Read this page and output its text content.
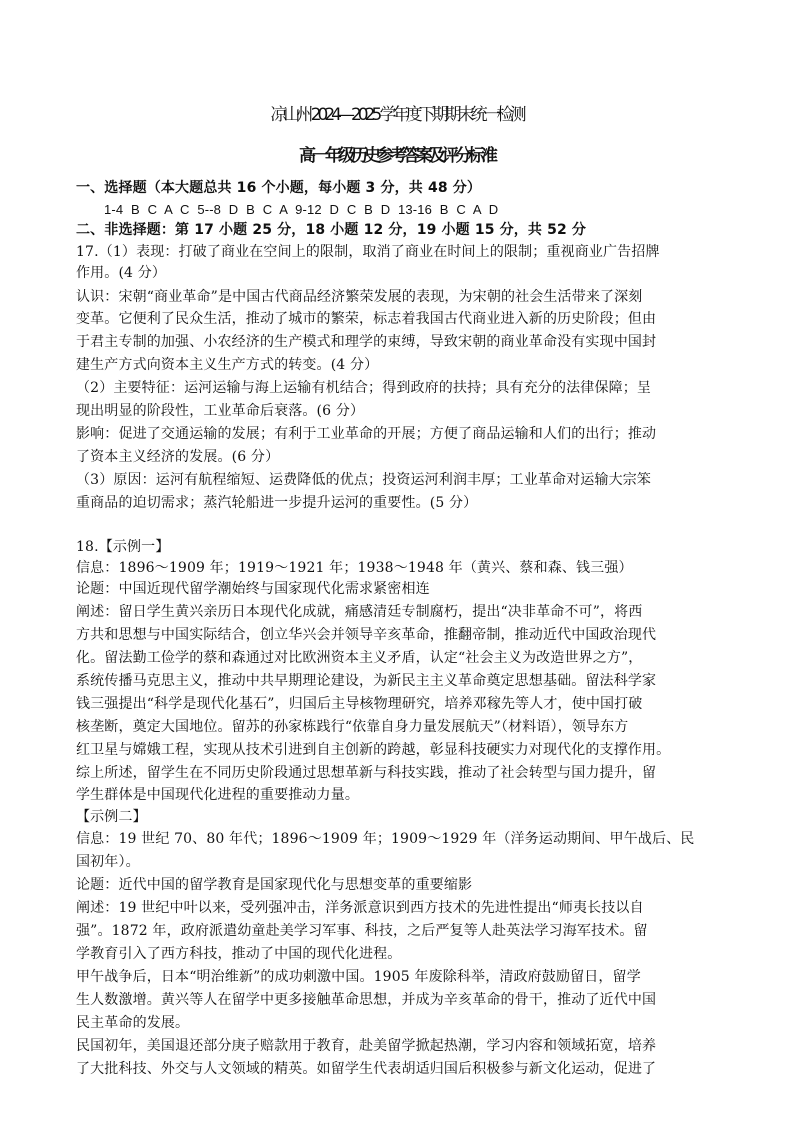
凉山州 2024—2025 学年度下期期末统一检测
高一年级历史参考答案及评分标准
一、选择题（本大题总共 16 个小题，每小题 3 分，共 48 分）
1-4 B C A C 5--8 D B C A 9-12 D C B D 13-16 B C A D
二、非选择题：第 17 小题 25 分，18 小题 12 分，19 小题 15 分，共 52 分
17.（1）表现：打破了商业在空间上的限制，取消了商业在时间上的限制；重视商业广告招牌
作用。(4 分）
认识：宋朝“商业革命”是中国古代商品经济繁荣发展的表现，为宋朝的社会生活带来了深刻
变革。它便利了民众生活，推动了城市的繁荣，标志着我国古代商业进入新的历史阶段；但由
于君主专制的加强、小农经济的生产模式和理学的束缚，导致宋朝的商业革命没有实现中国封
建生产方式向资本主义生产方式的转变。(4 分）
（2）主要特征：运河运输与海上运输有机结合；得到政府的扶持；具有充分的法律保障；呈
现出明显的阶段性，工业革命后衰落。(6 分）
影响：促进了交通运输的发展；有利于工业革命的开展；方便了商品运输和人们的出行；推动
了资本主义经济的发展。(6 分）
（3）原因：运河有航程缩短、运费降低的优点；投资运河利润丰厚；工业革命对运输大宗笨
重商品的迫切需求；蒸汽轮船进一步提升运河的重要性。(5 分）
18.【示例一】
信息：1896～1909 年；1919～1921 年；1938～1948 年（黄兴、蔡和森、钱三强）
论题：中国近现代留学潮始终与国家现代化需求紧密相连
阐述：留日学生黄兴亲历日本现代化成就，痛感清廷专制腐朽，提出“决非革命不可”，将西
方共和思想与中国实际结合，创立华兴会并领导辛亥革命，推翻帝制，推动近代中国政治现代
化。留法勤工俭学的蔡和森通过对比欧洲资本主义矛盾，认定“社会主义为改造世界之方”，
系统传播马克思主义，推动中共早期理论建设，为新民主主义革命奠定思想基础。留法科学家
钱三强提出“科学是现代化基石”，归国后主导核物理研究，培养邓稼先等人才，使中国打破
核垄断，奠定大国地位。留苏的孙家栋践行“依靠自身力量发展航天”（材料语），领导东方
红卫星与嫦娥工程，实现从技术引进到自主创新的跨越，彰显科技硬实力对现代化的支撑作用。
综上所述，留学生在不同历史阶段通过思想革新与科技实践，推动了社会转型与国力提升，留
学生群体是中国现代化进程的重要推动力量。
【示例二】
信息：19 世纪 70、80 年代；1896～1909 年；1909～1929 年（洋务运动期间、甲午战后、民
国初年）。
论题：近代中国的留学教育是国家现代化与思想变革的重要缩影
阐述：19 世纪中叶以来，受列强冲击，洋务派意识到西方技术的先进性提出“师夷长技以自
强”。1872 年，政府派遣幼童赴美学习军事、科技，之后严复等人赴英法学习海军技术。留
学教育引入了西方科技，推动了中国的现代化进程。
甲午战争后，日本“明治维新”的成功刺激中国。1905 年废除科举，清政府鼓励留日，留学
生人数激增。黄兴等人在留学中更多接触革命思想，并成为辛亥革命的骨干，推动了近代中国
民主革命的发展。
民国初年，美国退还部分庚子赔款用于教育，赴美留学掀起热潮，学习内容和领域拓宽，培养
了大批科技、外交与人文领域的精英。如留学生代表胡适归国后积极参与新文化运动，促进了
